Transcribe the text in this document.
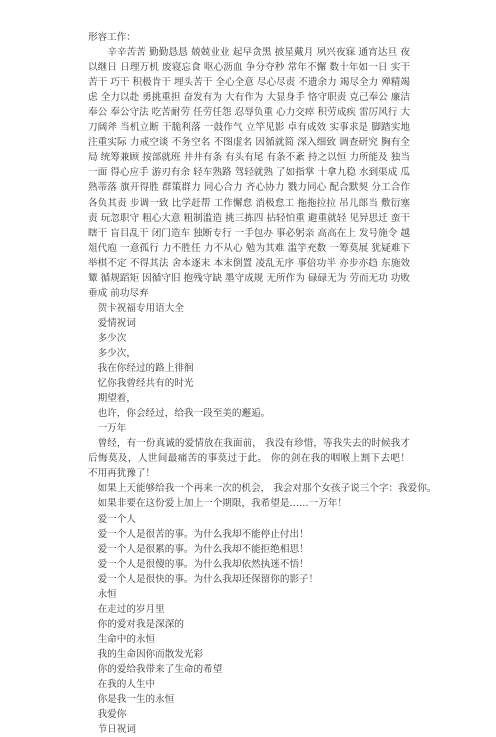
形容工作：

辛辛苦苦 勤勤恳恳 兢兢业业 起早贪黑 披星戴月 夙兴夜寐 通宵达旦 夜以继日 日理万机 废寝忘食 呕心沥血 争分夺秒 常年不懈 数十年如一日 实干 苦干 巧干 积极肯干 埋头苦干 全心全意 尽心尽责 不遗余力 竭尽全力 殚精竭虑 全力以赴 勇挑重担 奋发有为 大有作为 大显身手 恪守职责 克己奉公 廉洁奉公 奉公守法 吃苦耐劳 任劳任怨 忍辱负重 心力交瘁 积劳成疾 雷厉风行 大刀阔斧 当机立断 干脆利落 一鼓作气 立竿见影 卓有成效 实事求是 脚踏实地 注重实际 力戒空谈 不务空名 不图虚名 因循就简 深入细致 调查研究 胸有全局 统筹兼顾 按部就班 井井有条 有头有尾 有条不紊 持之以恒 力所能及 独当一面 得心应手 游刃有余 轻车熟路 驾轻就熟 了如指掌 十拿九稳 水到渠成 瓜熟蒂落 旗开得胜 群策群力 同心合力 齐心协力 戮力同心 配合默契 分工合作 各负其责 步调一致 比学赶帮 工作懈怠 消极怠工 拖拖拉拉 吊儿郎当 敷衍塞责 玩忽职守 粗心大意 粗制滥造 挑三拣四 拈轻怕重 避重就轻 见异思迁 蛮干 瞎干 盲目乱干 闭门造车 独断专行 一手包办 事必躬亲 高高在上 发号施令 越俎代庖 一意孤行 力不胜任 力不从心 勉为其难 滥竽充数 一筹莫展 犹疑难下 举棋不定 不得其法 舍本逐末 本末倒置 凌乱无序 事倍功半 亦步亦趋 东施效颦 循规蹈矩 因循守旧 抱残守缺 墨守成规 无所作为 碌碌无为 劳而无功 功败垂成 前功尽弃

贺卡祝福专用语大全
爱情祝词
多少次
多少次，
我在你经过的路上徘徊
忆你我曾经共有的时光
期望着，
也许，你会经过，给我一段至美的邂逅。
一万年
曾经，有一份真诚的爱情放在我面前， 我没有珍惜，等我失去的时候我才后悔莫及，人世间最痛苦的事莫过于此。 你的剑在我的咽喉上割下去吧！ 不用再犹豫了！
如果上天能够给我一个再来一次的机会， 我会对那个女孩子说三个字：我爱你。
如果非要在这份爱上加上一个期限，我希望是……一万年！
爱一个人
爱一个人是很苦的事。为什么我却不能停止付出！
爱一个人是很累的事。为什么我却不能拒绝相思！
爱一个人是很傻的事。为什么我却依然执迷不悟！
爱一个人是很快的事。为什么我却还保留你的影子！
永恒
在走过的岁月里
你的爱对我是深深的
生命中的永恒
我的生命因你而散发光彩
你的爱给我带来了生命的希望
在我的人生中
你是我一生的永恒
我爱你
节日祝词
